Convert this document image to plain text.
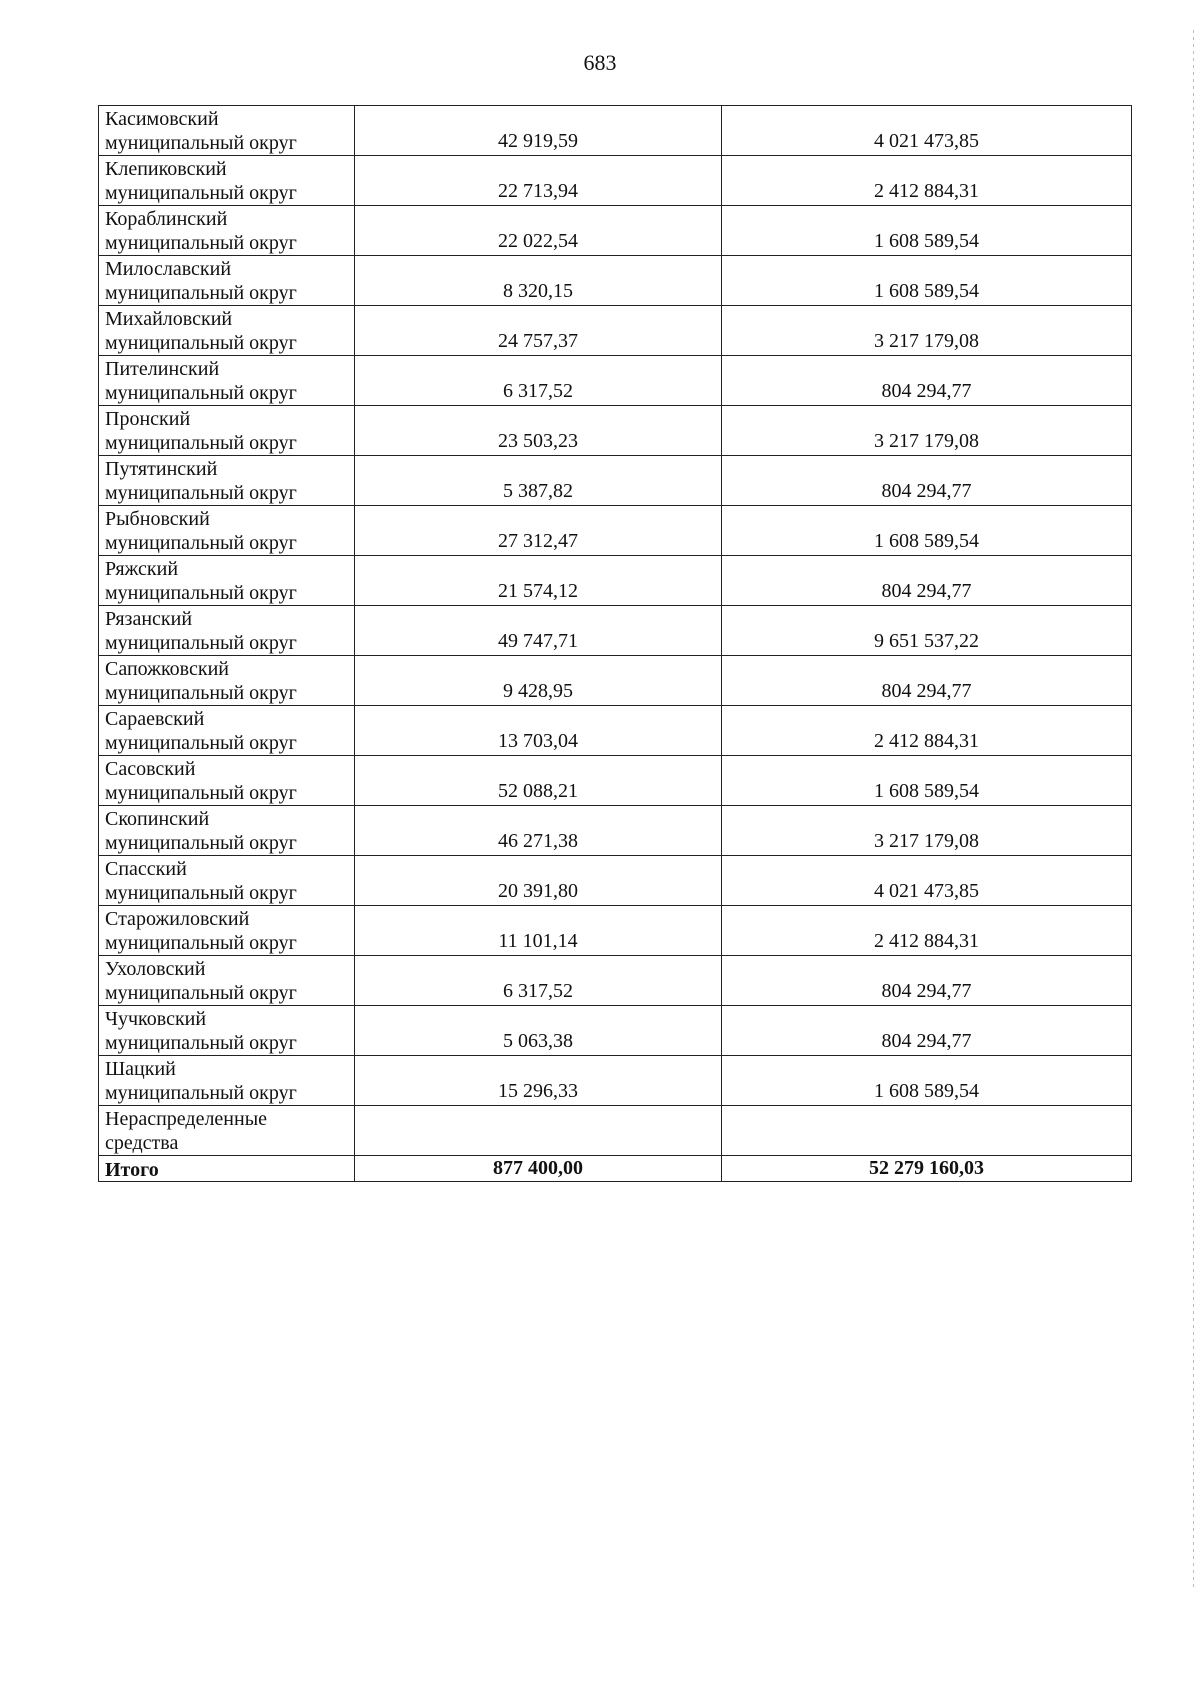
683
Касимовский
муниципальный округ	42 919,59	4 021 473,85

Клепиковский
муниципальный округ	22 713,94	2 412 884,31

Кораблинский
муниципальный округ	22 022,54	1 608 589,54

Милославский
муниципальный округ	8 320,15	1 608 589,54

Михайловский
муниципальный округ	24 757,37	3 217 179,08

Пителинский
муниципальный округ	6 317,52	804 294,77

Пронский
муниципальный округ	23 503,23	3 217 179,08

Путятинский
муниципальный округ	5 387,82	804 294,77

Рыбновский
муниципальный округ	27 312,47	1 608 589,54

Ряжский
муниципальный округ	21 574,12	804 294,77

Рязанский
муниципальный округ	49 747,71	9 651 537,22

Сапожковский
муниципальный округ	9 428,95	804 294,77

Сараевский
муниципальный округ	13 703,04	2 412 884,31

Сасовский
муниципальный округ	52 088,21	1 608 589,54

Скопинский
муниципальный округ	46 271,38	3 217 179,08

Спасский
муниципальный округ	20 391,80	4 021 473,85

Старожиловский
муниципальный округ	11 101,14	2 412 884,31

Ухоловский
муниципальный округ	6 317,52	804 294,77

Чучковский
муниципальный округ	5 063,38	804 294,77

Шацкий
муниципальный округ	15 296,33	1 608 589,54

Нераспределенные
средства		

Итого	877 400,00	52 279 160,03
